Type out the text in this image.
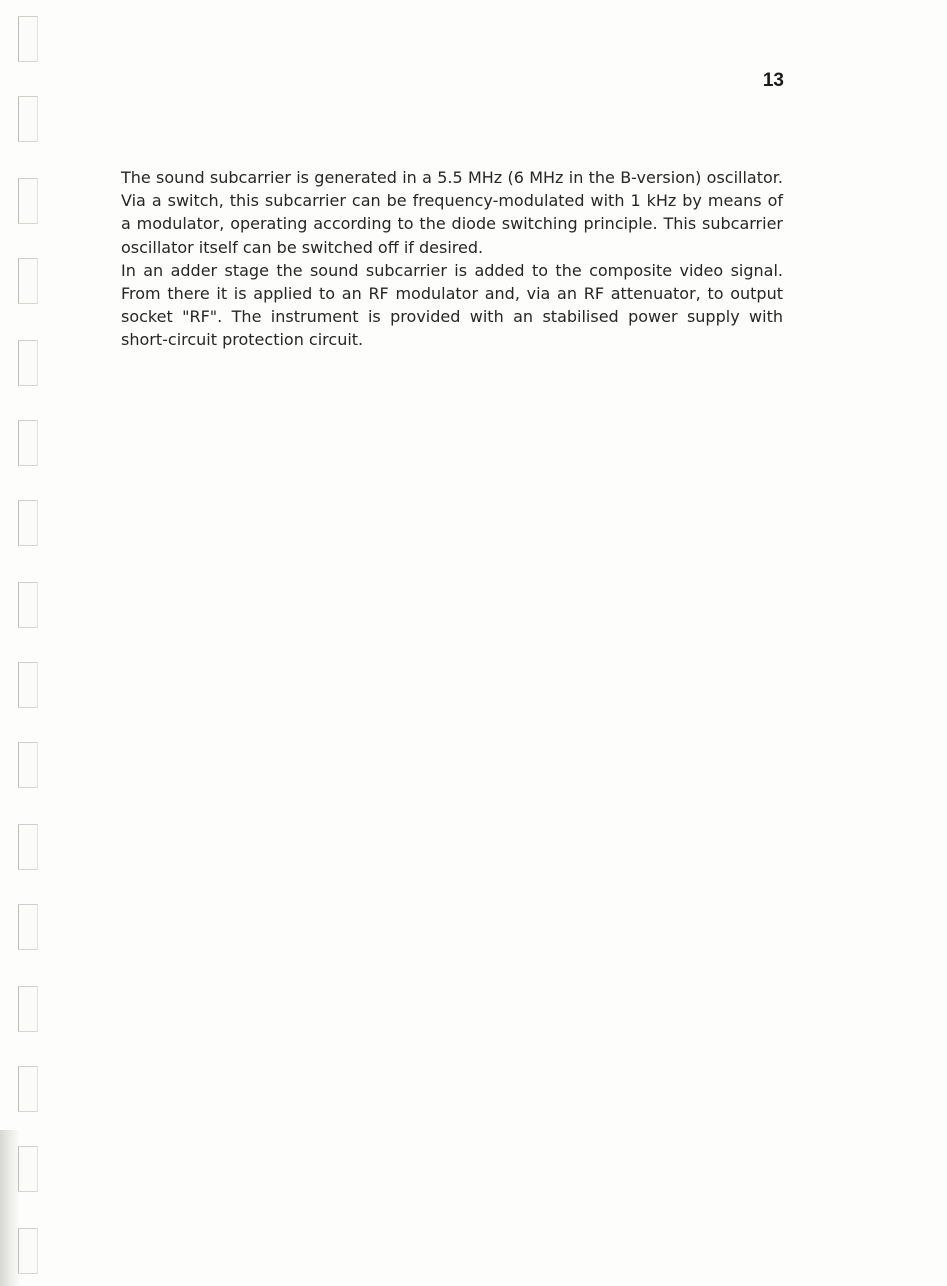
13

The sound subcarrier is generated in a 5.5 MHz (6 MHz in the B-version) oscillator. Via a switch, this subcarrier can be frequency-modulated with 1 kHz by means of a modulator, operating according to the diode switching principle. This subcarrier oscillator itself can be switched off if desired.

In an adder stage the sound subcarrier is added to the composite video signal. From there it is applied to an RF modulator and, via an RF attenuator, to output socket "RF". The instrument is provided with an stabilised power supply with short-circuit protection circuit.
